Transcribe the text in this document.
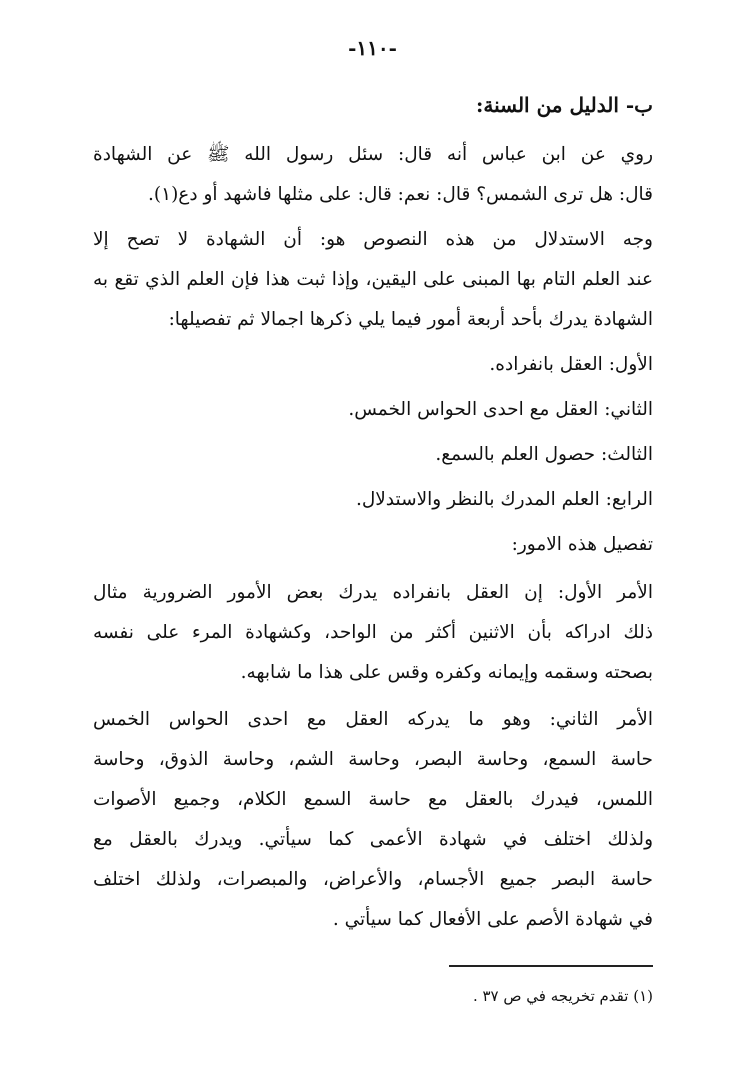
-١١٠-
ب- الدليل من السنة:
روي عن ابن عباس أنه قال: سئل رسول الله ﷺ عن الشهادة
قال: هل ترى الشمس؟ قال: نعم: قال: على مثلها فاشهد أو دع(١).
وجه الاستدلال من هذه النصوص هو: أن الشهادة لا تصح إلا
عند العلم التام بها المبنى على اليقين، وإذا ثبت هذا فإن العلم الذي تقع به
الشهادة يدرك بأحد أربعة أمور فيما يلي ذكرها اجمالا ثم تفصيلها:
الأول: العقل بانفراده.
الثاني: العقل مع احدى الحواس الخمس.
الثالث: حصول العلم بالسمع.
الرابع: العلم المدرك بالنظر والاستدلال.
تفصيل هذه الامور:
الأمر الأول: إن العقل بانفراده يدرك بعض الأمور الضرورية مثال
ذلك ادراكه بأن الاثنين أكثر من الواحد، وكشهادة المرء على نفسه
بصحته وسقمه وإيمانه وكفره وقس على هذا ما شابهه.
الأمر الثاني: وهو ما يدركه العقل مع احدى الحواس الخمس
حاسة السمع، وحاسة البصر، وحاسة الشم، وحاسة الذوق، وحاسة
اللمس، فيدرك بالعقل مع حاسة السمع الكلام، وجميع الأصوات
ولذلك اختلف في شهادة الأعمى كما سيأتي. ويدرك بالعقل مع
حاسة البصر جميع الأجسام، والأعراض، والمبصرات، ولذلك اختلف
في شهادة الأصم على الأفعال كما سيأتي .
(١) تقدم تخريجه في ص ٣٧ .
